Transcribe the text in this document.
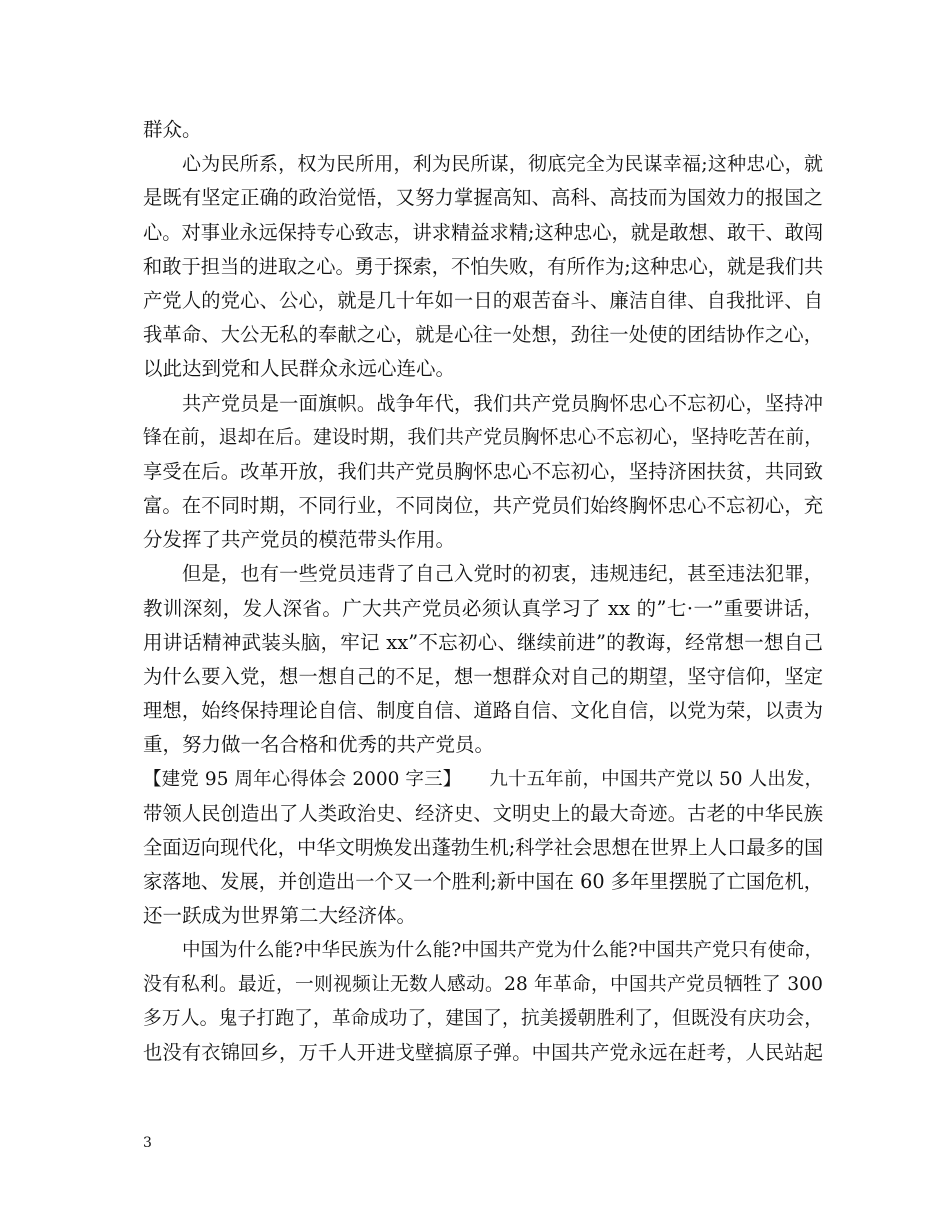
群众。
心为民所系，权为民所用，利为民所谋，彻底完全为民谋幸福;这种忠心，就
是既有坚定正确的政治觉悟，又努力掌握高知、高科、高技而为国效力的报国之
心。对事业永远保持专心致志，讲求精益求精;这种忠心，就是敢想、敢干、敢闯
和敢于担当的进取之心。勇于探索，不怕失败，有所作为;这种忠心，就是我们共
产党人的党心、公心，就是几十年如一日的艰苦奋斗、廉洁自律、自我批评、自
我革命、大公无私的奉献之心，就是心往一处想，劲往一处使的团结协作之心，
以此达到党和人民群众永远心连心。
共产党员是一面旗帜。战争年代，我们共产党员胸怀忠心不忘初心，坚持冲
锋在前，退却在后。建设时期，我们共产党员胸怀忠心不忘初心，坚持吃苦在前，
享受在后。改革开放，我们共产党员胸怀忠心不忘初心，坚持济困扶贫，共同致
富。在不同时期，不同行业，不同岗位，共产党员们始终胸怀忠心不忘初心，充
分发挥了共产党员的模范带头作用。
但是，也有一些党员违背了自己入党时的初衷，违规违纪，甚至违法犯罪，
教训深刻，发人深省。广大共产党员必须认真学习了 xx 的”七·一”重要讲话，
用讲话精神武装头脑，牢记 xx”不忘初心、继续前进”的教诲，经常想一想自己
为什么要入党，想一想自己的不足，想一想群众对自己的期望，坚守信仰，坚定
理想，始终保持理论自信、制度自信、道路自信、文化自信，以党为荣，以责为
重，努力做一名合格和优秀的共产党员。
【建党 95 周年心得体会 2000 字三】　　九十五年前，中国共产党以 50 人出发，
带领人民创造出了人类政治史、经济史、文明史上的最大奇迹。古老的中华民族
全面迈向现代化，中华文明焕发出蓬勃生机;科学社会思想在世界上人口最多的国
家落地、发展，并创造出一个又一个胜利;新中国在 60 多年里摆脱了亡国危机，
还一跃成为世界第二大经济体。
中国为什么能?中华民族为什么能?中国共产党为什么能?中国共产党只有使命，
没有私利。最近，一则视频让无数人感动。28 年革命，中国共产党员牺牲了 300
多万人。鬼子打跑了，革命成功了，建国了，抗美援朝胜利了，但既没有庆功会，
也没有衣锦回乡，万千人开进戈壁搞原子弹。中国共产党永远在赶考，人民站起
3
